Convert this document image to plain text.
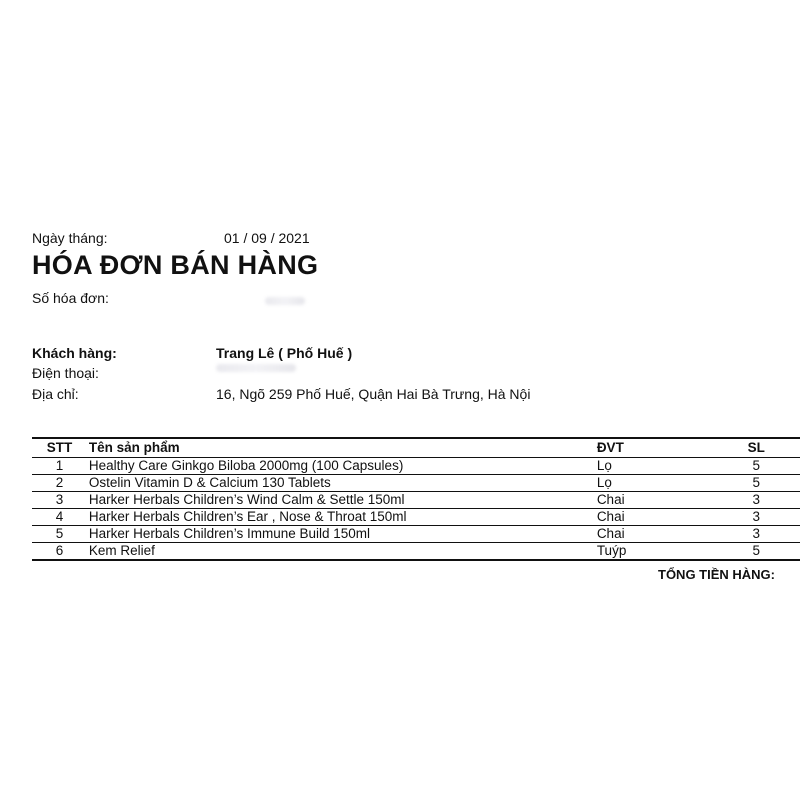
Ngày tháng:	01 / 09 / 2021
HÓA ĐƠN BÁN HÀNG
Số hóa đơn:
Khách hàng:	Trang Lê ( Phố Huế )
Điện thoại:
Địa chỉ:	16, Ngõ 259 Phố Huế, Quận Hai Bà Trưng, Hà Nội
STT	Tên sản phẩm	ĐVT	SL
1	Healthy Care Ginkgo Biloba 2000mg (100 Capsules)	Lọ	5
2	Ostelin Vitamin D & Calcium 130 Tablets	Lọ	5
3	Harker Herbals Children’s Wind Calm & Settle 150ml	Chai	3
4	Harker Herbals Children’s Ear , Nose & Throat 150ml	Chai	3
5	Harker Herbals Children’s Immune Build 150ml	Chai	3
6	Kem Relief	Tuýp	5
TỔNG TIỀN HÀNG:
